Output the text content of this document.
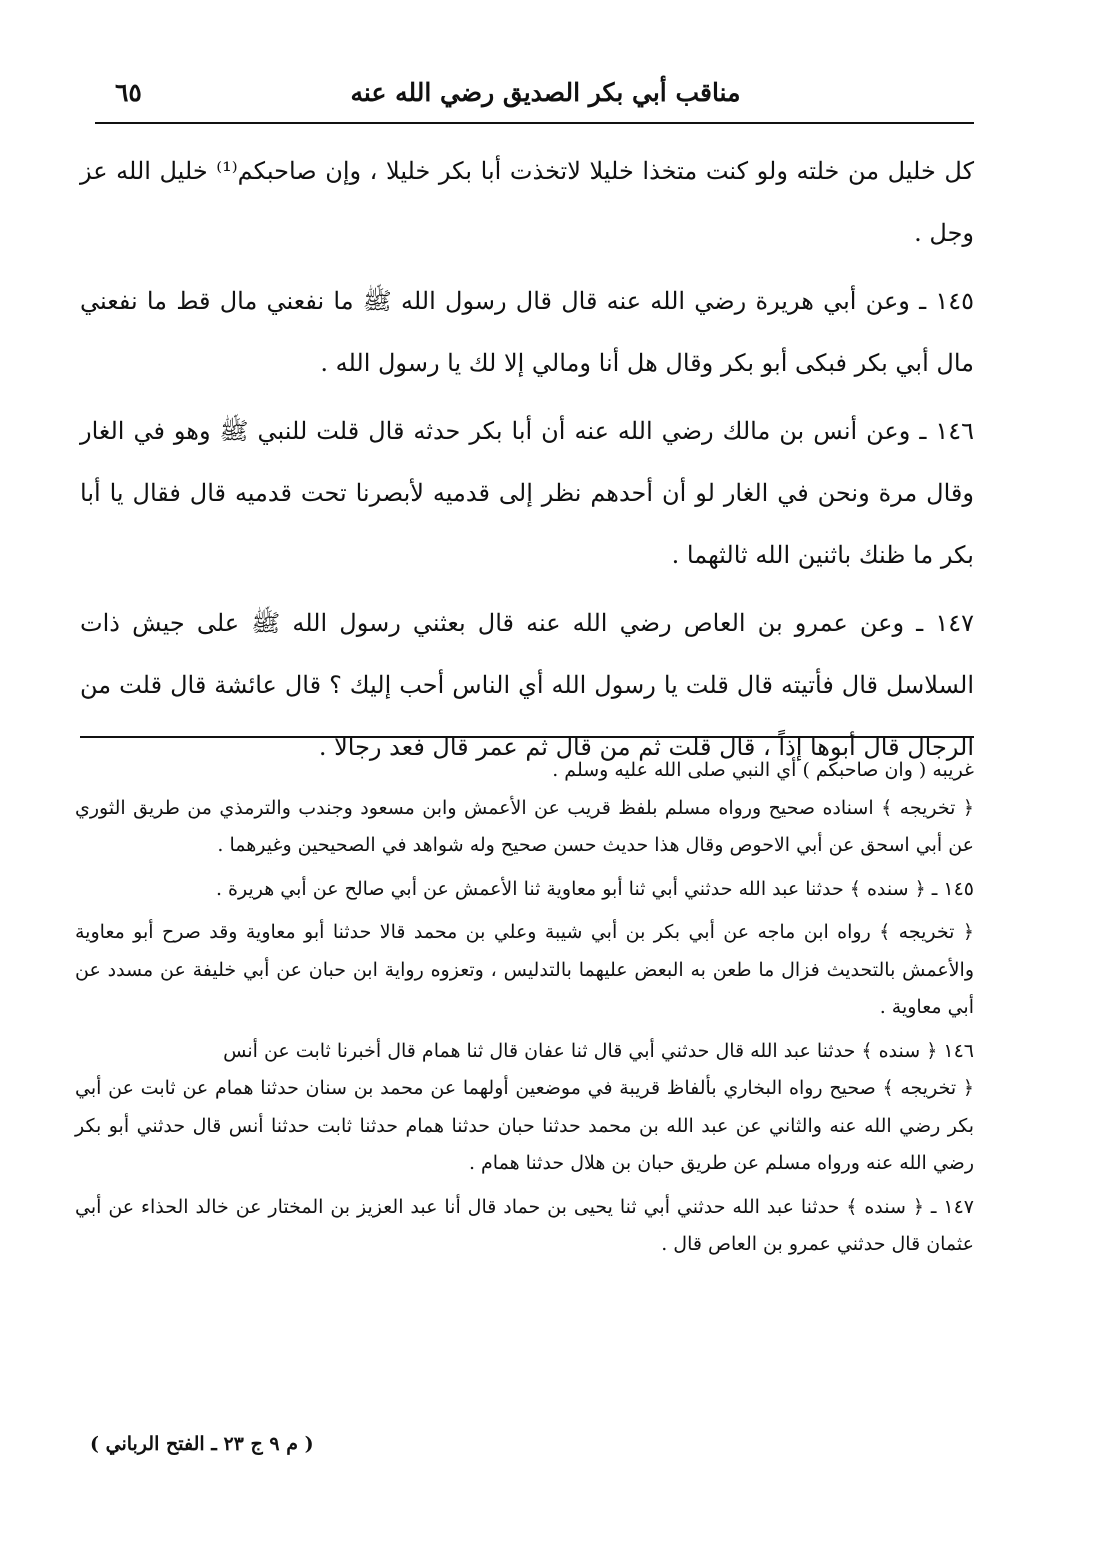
مناقب أبي بكر الصديق رضي الله عنه
٦٥

كل خليل من خلته ولو كنت متخذا خليلا لاتخذت أبا بكر خليلا ، وإن صاحبكم⁽¹⁾ خليل الله عز وجل .

١٤٥ ـ وعن أبي هريرة رضي الله عنه قال قال رسول الله ﷺ ما نفعني مال قط ما نفعني مال أبي بكر فبكى أبو بكر وقال هل أنا ومالي إلا لك يا رسول الله .

١٤٦ ـ وعن أنس بن مالك رضي الله عنه أن أبا بكر حدثه قال قلت للنبي ﷺ وهو في الغار وقال مرة ونحن في الغار لو أن أحدهم نظر إلى قدميه لأبصرنا تحت قدميه قال فقال يا أبا بكر ما ظنك باثنين الله ثالثهما .

١٤٧ ـ وعن عمرو بن العاص رضي الله عنه قال بعثني رسول الله ﷺ على جيش ذات السلاسل قال فأتيته قال قلت يا رسول الله أي الناس أحب إليك ؟ قال عائشة قال قلت من الرجال قال أبوها إذاً ، قال قلت ثم من قال ثم عمر قال فعد رجالا .

غريبه ( وان صاحبكم ) أي النبي صلى الله عليه وسلم .

﴿ تخريجه ﴾ اسناده صحيح ورواه مسلم بلفظ قريب عن الأعمش وابن مسعود وجندب والترمذي من طريق الثوري عن أبي اسحق عن أبي الاحوص وقال هذا حديث حسن صحيح وله شواهد في الصحيحين وغيرهما .

١٤٥ ـ ﴿ سنده ﴾ حدثنا عبد الله حدثني أبي ثنا أبو معاوية ثنا الأعمش عن أبي صالح عن أبي هريرة .

﴿ تخريجه ﴾ رواه ابن ماجه عن أبي بكر بن أبي شيبة وعلي بن محمد قالا حدثنا أبو معاوية وقد صرح أبو معاوية والأعمش بالتحديث فزال ما طعن به البعض عليهما بالتدليس ، وتعزوه رواية ابن حبان عن أبي خليفة عن مسدد عن أبي معاوية .

١٤٦ ﴿ سنده ﴾ حدثنا عبد الله قال حدثني أبي قال ثنا عفان قال ثنا همام قال أخبرنا ثابت عن أنس

﴿ تخريجه ﴾ صحيح رواه البخاري بألفاظ قريبة في موضعين أولهما عن محمد بن سنان حدثنا همام عن ثابت عن أبي بكر رضي الله عنه والثاني عن عبد الله بن محمد حدثنا حبان حدثنا همام حدثنا ثابت حدثنا أنس قال حدثني أبو بكر رضي الله عنه ورواه مسلم عن طريق حبان بن هلال حدثنا همام .

١٤٧ ـ ﴿ سنده ﴾ حدثنا عبد الله حدثني أبي ثنا يحيى بن حماد قال أنا عبد العزيز بن المختار عن خالد الحذاء عن أبي عثمان قال حدثني عمرو بن العاص قال .

( م ٩ ج ٢٣ ـ الفتح الرباني )
